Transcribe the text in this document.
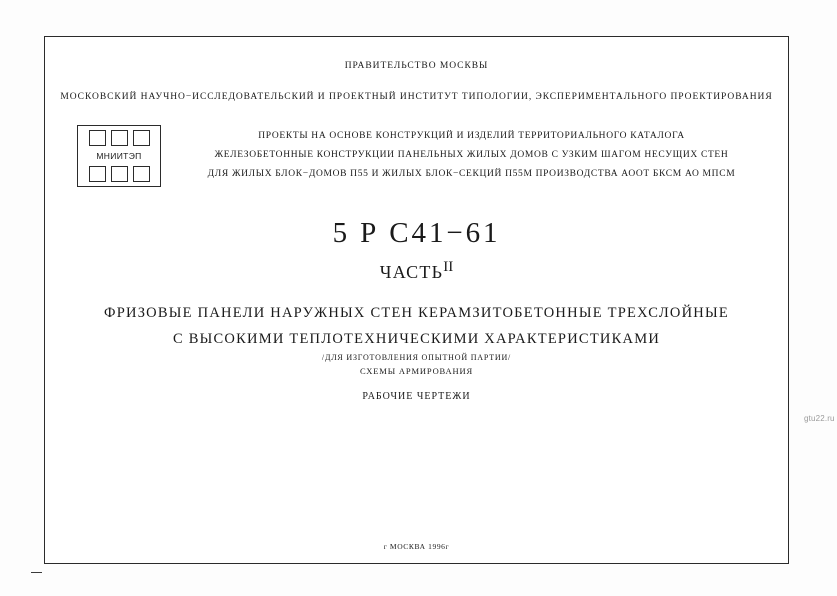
ПРАВИТЕЛЬСТВО МОСКВЫ
МОСКОВСКИЙ НАУЧНО−ИССЛЕДОВАТЕЛЬСКИЙ И ПРОЕКТНЫЙ ИНСТИТУТ ТИПОЛОГИИ, ЭКСПЕРИМЕНТАЛЬНОГО ПРОЕКТИРОВАНИЯ
МНИИТЭП
ПРОЕКТЫ НА ОСНОВЕ КОНСТРУКЦИЙ И ИЗДЕЛИЙ ТЕРРИТОРИАЛЬНОГО КАТАЛОГА
ЖЕЛЕЗОБЕТОННЫЕ КОНСТРУКЦИИ ПАНЕЛЬНЫХ ЖИЛЫХ ДОМОВ С УЗКИМ ШАГОМ НЕСУЩИХ СТЕН
ДЛЯ ЖИЛЫХ БЛОК−ДОМОВ П55 И ЖИЛЫХ БЛОК−СЕКЦИЙ П55М ПРОИЗВОДСТВА АООТ БКСМ АО МПСМ
5 Р С41−61
$ЧАСТЬ^{II}$
ФРИЗОВЫЕ ПАНЕЛИ НАРУЖНЫХ СТЕН КЕРАМЗИТОБЕТОННЫЕ ТРЕХСЛОЙНЫЕ
С ВЫСОКИМИ ТЕПЛОТЕХНИЧЕСКИМИ ХАРАКТЕРИСТИКАМИ
/ДЛЯ ИЗГОТОВЛЕНИЯ ОПЫТНОЙ ПАРТИИ/
СХЕМЫ АРМИРОВАНИЯ
РАБОЧИЕ ЧЕРТЕЖИ
г МОСКВА 1996г
gtu22.ru
